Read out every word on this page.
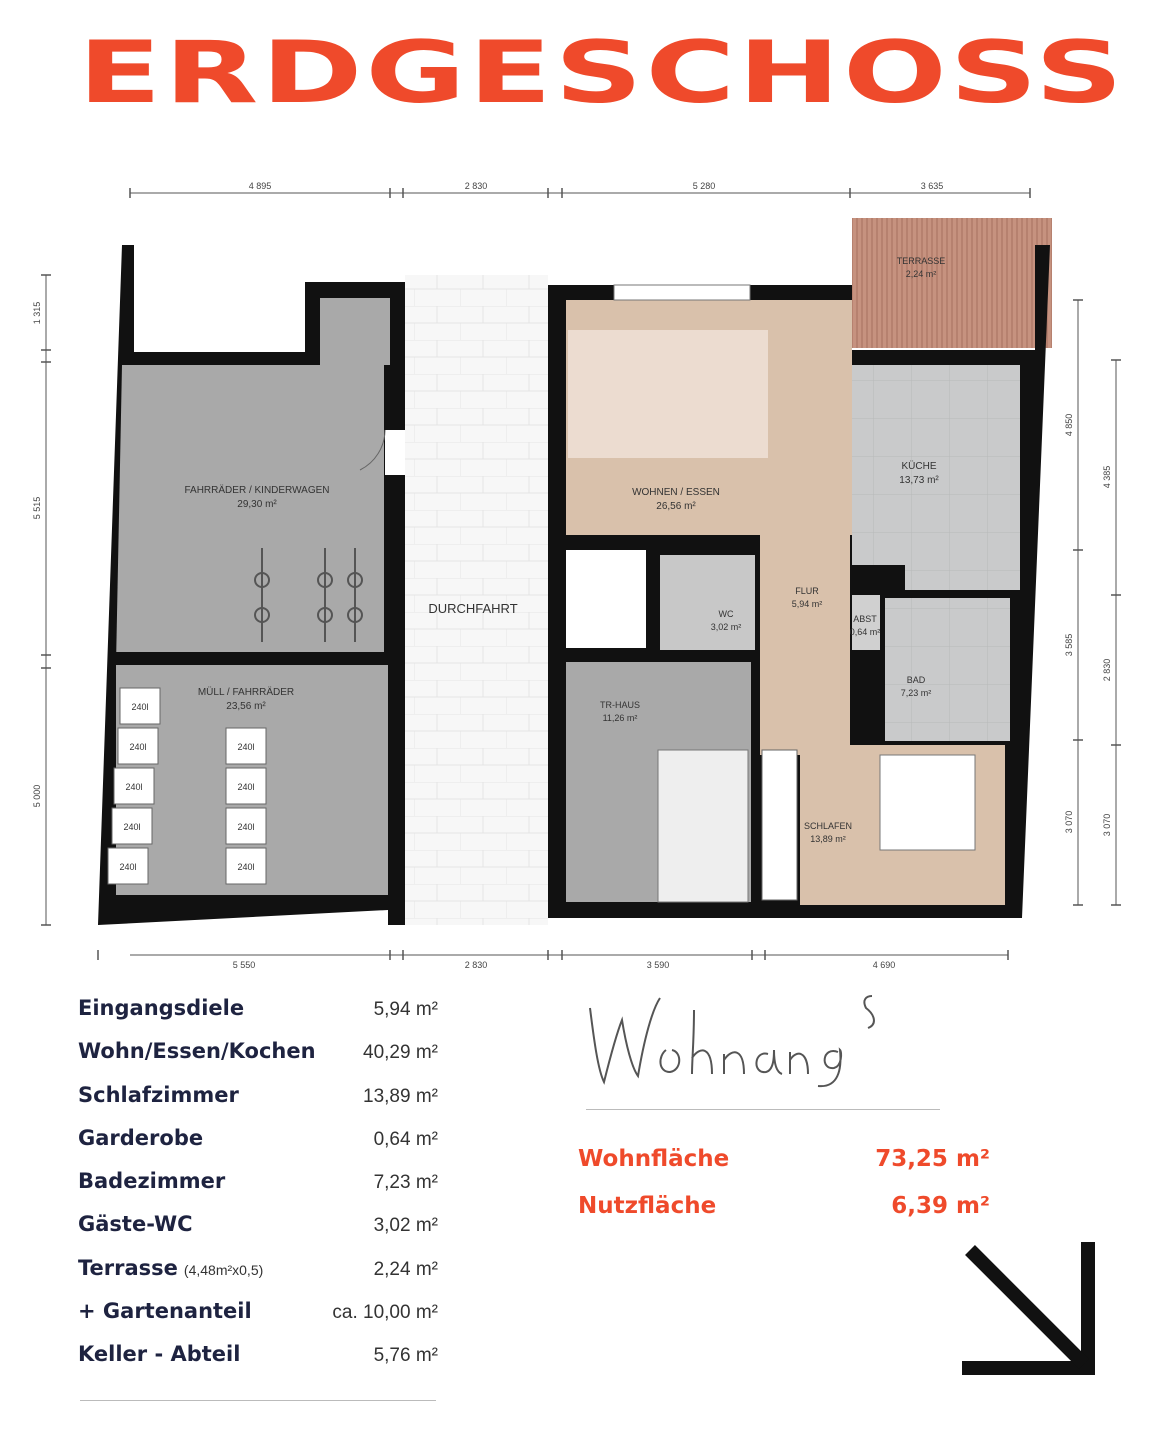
ERDGESCHOSS
4 895	2 830	5 280	3 635
5 550	2 830	3 590	4 690
1 315
5 515
5 000
4 850
3 585
3 070
4 385
2 830
3 070
DURCHFAHRT
FAHRRÄDER / KINDERWAGEN
29,30 m²
MÜLL / FAHRRÄDER
23,56 m²
240l
240l
240l
240l
240l
240l
240l
240l
240l
TERRASSE
2,24 m²
WOHNEN / ESSEN
26,56 m²
KÜCHE
13,73 m²
WC
3,02 m²
FLUR
5,94 m²
ABST
0,64 m²
BAD
7,23 m²
TR-HAUS
11,26 m²
SCHLAFEN
13,89 m²
Eingangsdiele	5,94 m²
Wohn/Essen/Kochen 40,29 m²
Schlafzimmer	13,89 m²
Garderobe	0,64 m²
Badezimmer	7,23 m²
Gäste-WC	3,02 m²
Terrasse (4,48m²x0,5)	2,24 m²
+ Gartenanteil	ca. 10,00 m²
Keller - Abteil	5,76 m²
Wohnfläche	73,25 m²
Nutzfläche	6,39 m²
